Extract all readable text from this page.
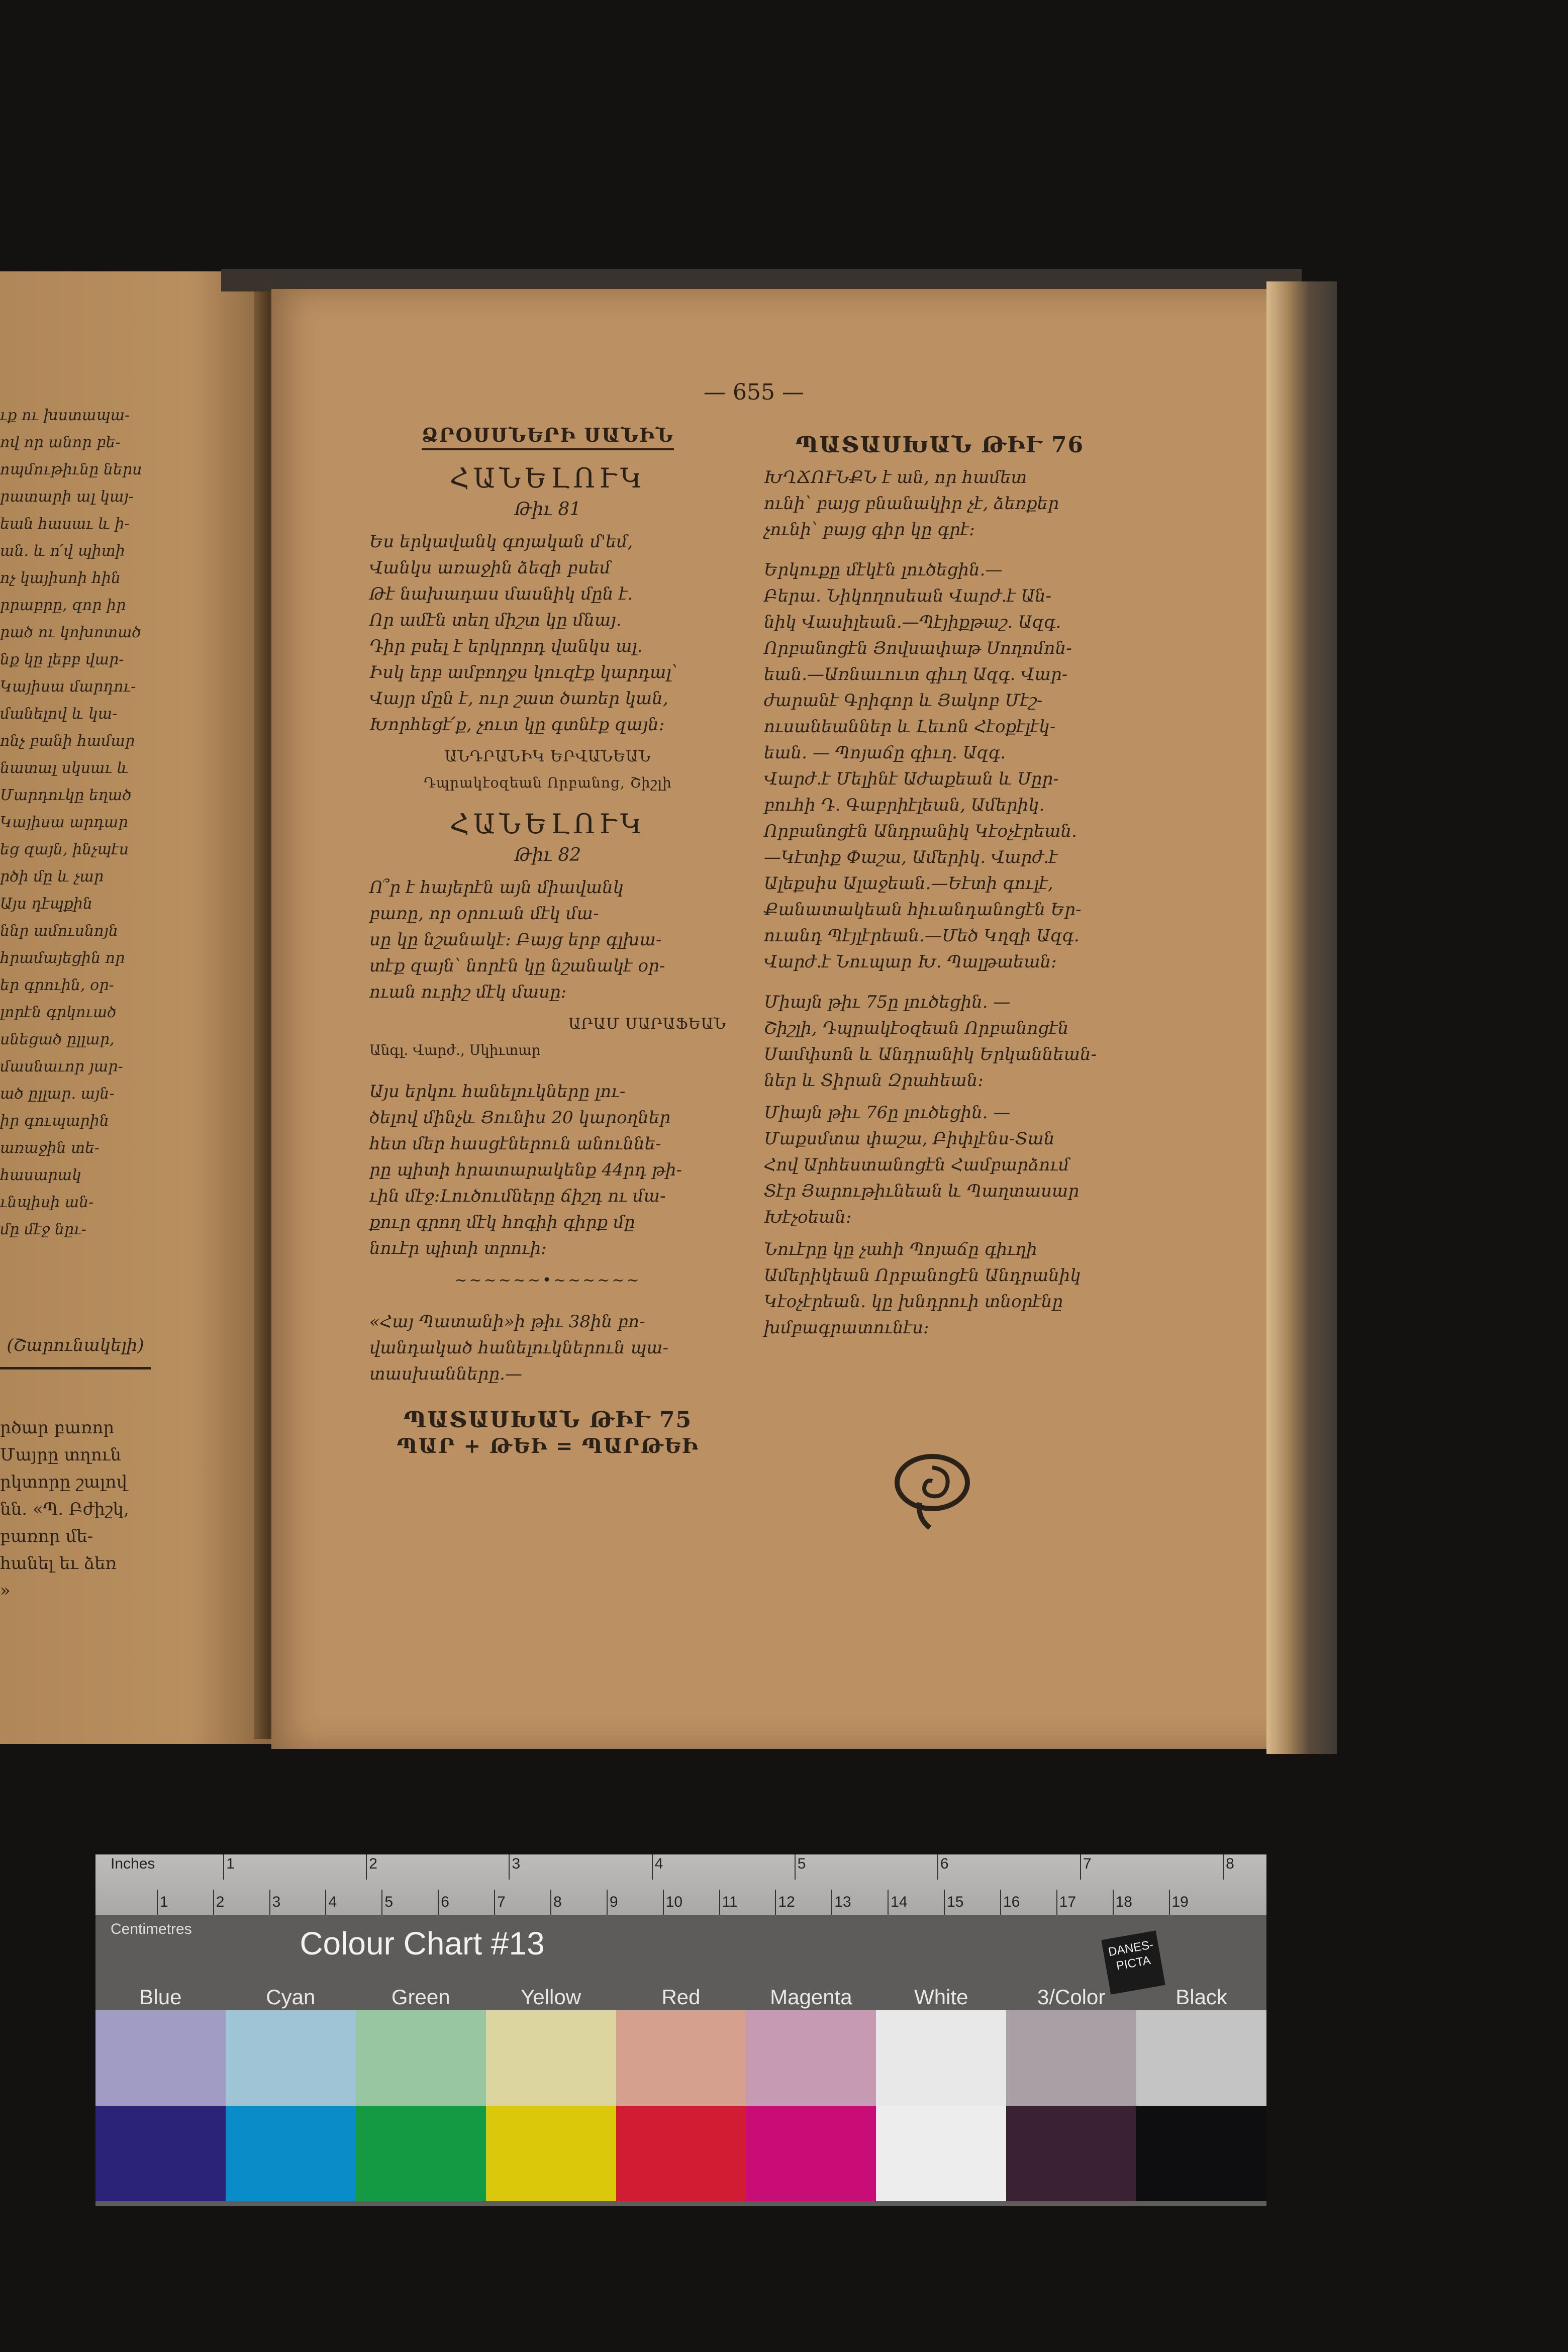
ւք ու խստապա-
ով որ անոր բե-
ոպմութիւնը ներս
րատարի ալ կայ-
եան հասաւ և ի-
ան. և ո՛վ պիտի
ոչ կայիսոի հին
րրաբրը, զոր իր
րած ու կոխոտած
նք կը լեբբ վար-
Կայիսա մարդու-
մանելով և կա-
ոնչ բանի համար
նատալ սկսաւ և
Մարդուկը եղած
Կայիսա արդար
եց զայն, ինչպէս
րծի մը և չար
Այս դէպքին
ննր ամուսնոյն
հրամայեցին որ
եր գրուին, օր-
լորէն գրկուած
սնեցած ըլլար,
մասնաւոր յար-
ած ըլլար. այն-
իր գուպարին
առաջին տե-
հասարակ
ւնպիսի ան-
մը մէջ նըւ-
(Շարունակելի)
րծար բառոր
Մայրը տղուն
րկտորը շալով
նն. «Պ. Բժիշկ,
բառոր մե-
հանել եւ ձեռ
»
— 655 —
ՁՐՕՍՍՆԵՐԻ ՍԱՆԻՆ
ՀԱՆԵԼՈՒԿ
Թիւ 81
Ես երկավանկ գոյական մ'եմ,
Վանկս առաջին ձեզի բսեմ
Թէ նախադաս մասնիկ մըն է.
Որ ամէն տեղ միշտ կը մնայ.
Դիր բսել է երկրորդ վանկս ալ.
Իսկ երբ ամբողջս կուզէք կարդալ՝
Վայր մըն է, ուր շատ ծառեր կան,
Խորհեցէ՛ք, չուտ կը գտնէք զայն։
ԱՆԴՐԱՆԻԿ ԵՐՎԱՆԵԱՆ
Դպրակէօզեան Որբանոց, Շիշլի
ՀԱՆԵԼՈՒԿ
Թիւ 82
Ո՞ր է հայերէն այն միավանկ
բառը, որ օրուան մէկ մա-
սը կը նշանակէ։ Բայց երբ գլխա-
տէք զայն՝ նորէն կը նշանակէ օր-
ուան ուրիշ մէկ մասը։
ԱՐԱՄ ՍԱՐԱՖԵԱՆ
Անգլ. Վարժ., Սկիւտար
Այս երկու հանելուկները լու-
ծելով մինչև Յունիս 20 կարօղներ
հետ մեր հասցէներուն անուննե-
րը պիտի հրատարակենք 44րդ թի-
ւին մէջ։Լուծումները ճիշդ ու մա-
քուր գրող մէկ հոգիի գիրք մը
նուէր պիտի տրուի։
~~~~~~•~~~~~~
«Հայ Պատանի»ի թիւ 38ին բո-
վանդակած հանելուկներուն պա-
տասխանները.—
ՊԱՏԱՍԽԱՆ ԹԻՒ 75
ՊԱՐ + ԹԵԻ = ՊԱՐԹԵԻ
ՊԱՏԱՍԽԱՆ ԹԻՒ 76
ԽՂՃՈՒՆՔՆ է ան, որ համետ
ունի՝ բայց բնանակիր չէ, ձեռքեր
չունի՝ բայց գիր կը գրէ։
Երկուքը մէկէն լուծեցին.—
Բերա. Նիկողոսեան Վարժ.է Ան-
նիկ Վասիլեան.—Պէյիքթաշ. Ազգ.
Որբանոցէն Յովսափաթ Սողոմոն-
եան.—Առնաւուտ գիւղ Ազգ. Վար-
ժարանէ Գրիգոր և Յակոբ Մէշ-
ուսանեաններ և Լեւոն Հէօքէլէկ-
եան. — Պոյաճը գիւղ. Ազգ.
Վարժ.է Մելինէ Աժաքեան և Սըր-
բուհի Դ. Գաբրիէլեան, Ամերիկ.
Որբանոցէն Անդրանիկ Կէօչէրեան.
—Կէտիք Փաշա, Ամերիկ. Վարժ.է
Ալեքսիս Ալաջեան.—Եէտի գուլէ,
Քանատակեան հիւանդանոցէն Եր-
ուանդ Պէյլէրեան.—Մեծ Կղզի Ազգ.
Վարժ.է Նուպար Խ. Պալթաեան։
Միայն թիւ 75ը լուծեցին. —
Շիշլի, Դպրակէօզեան Որբանոցէն
Սամփսոն և Անդրանիկ Երկաննեան-
ներ և Տիրան Զրահեան։
Միայն թիւ 76ը լուծեցին. —
Մաքսմտա փաշա, Բիփլէնս-Տան
Հով Արհեստանոցէն Համբարձում
Տէր Յարութիւնեան և Պաղտասար
Խէչօեան։
Նուէրը կը չահի Պոյաճը գիւղի
Ամերիկեան Որբանոցէն Անդրանիկ
Կէօչէրեան. կը խնդրուի տնօրէնը
խմբագրատունէս։
Inches
Centimetres
1	2	3	4	5	6	7	8
1	2	3	4	5	6	7	8	9	10	11	12	13	14	15	16	17	18	19
Colour Chart #13	DANES-PICTA
Blue	Cyan	Green	Yellow	Red	Magenta	White	3/Color	Black
